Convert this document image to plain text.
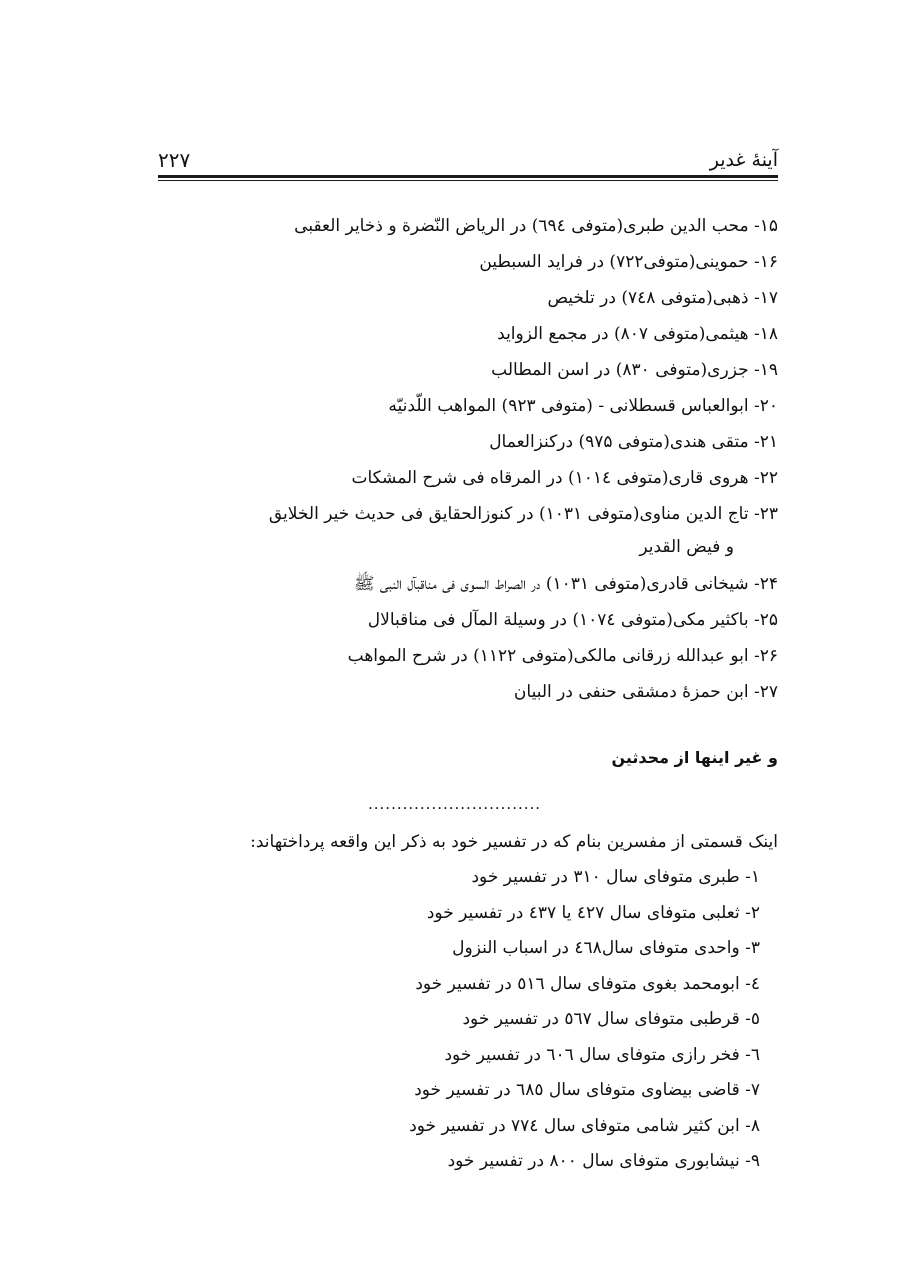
آینهٔ غدیر
۲۲۷
۱۵- محب الدین طبری(متوفی ٦٩٤) در الریاض النّضرة و ذخایر العقبی
۱۶- حموینی(متوفی۷۲۲) در فراید السبطین
۱۷- ذهبی(متوفی ۷٤۸) در تلخیص
۱۸- هیثمی(متوفی ۸۰۷) در مجمع الزواید
۱۹- جزری(متوفی ۸۳۰) در اسن المطالب
۲۰- ابوالعباس قسطلانی - (متوفی ۹۲۳) المواهب اللّدنیّه
۲۱- متقی هندی(متوفی ۹۷۵) درکنزالعمال
۲۲- هروی قاری(متوفی ۱۰۱٤) در المرقاه فی شرح المشکات
۲۳- تاج الدین مناوی(متوفی ۱۰۳۱) در کنوزالحقایق فی حدیث خیر الخلایق
و فیض القدیر
۲۴- شیخانی قادری(متوفی ۱۰۳۱) در الصراط السوی فی مناقبآل النبی ﷺ
۲۵- باکثیر مکی(متوفی ۱۰۷٤) در وسیلة المآل فی مناقبالال
۲۶- ابو عبدالله زرقانی مالکی(متوفی ۱۱۲۲) در شرح المواهب
۲۷- ابن حمزهٔ دمشقی حنفی در البیان
و غیر اینها از محدثین
..............................
اینک قسمتی از مفسرین بنام که در تفسیر خود به ذکر این واقعه پرداختهاند:
۱- طبری متوفای سال ۳۱۰ در تفسیر خود
۲- ثعلبی متوفای سال ٤۲۷ یا ٤۳۷ در تفسیر خود
۳- واحدی متوفای سال٤٦۸ در اسباب النزول
٤- ابومحمد بغوی متوفای سال ٥١٦ در تفسیر خود
٥- قرطبی متوفای سال ٥٦٧ در تفسیر خود
٦- فخر رازی متوفای سال ٦۰٦ در تفسیر خود
۷- قاضی بیضاوی متوفای سال ٦۸٥ در تفسیر خود
۸- ابن کثیر شامی متوفای سال ۷۷٤ در تفسیر خود
۹- نیشابوری متوفای سال ۸۰۰ در تفسیر خود
